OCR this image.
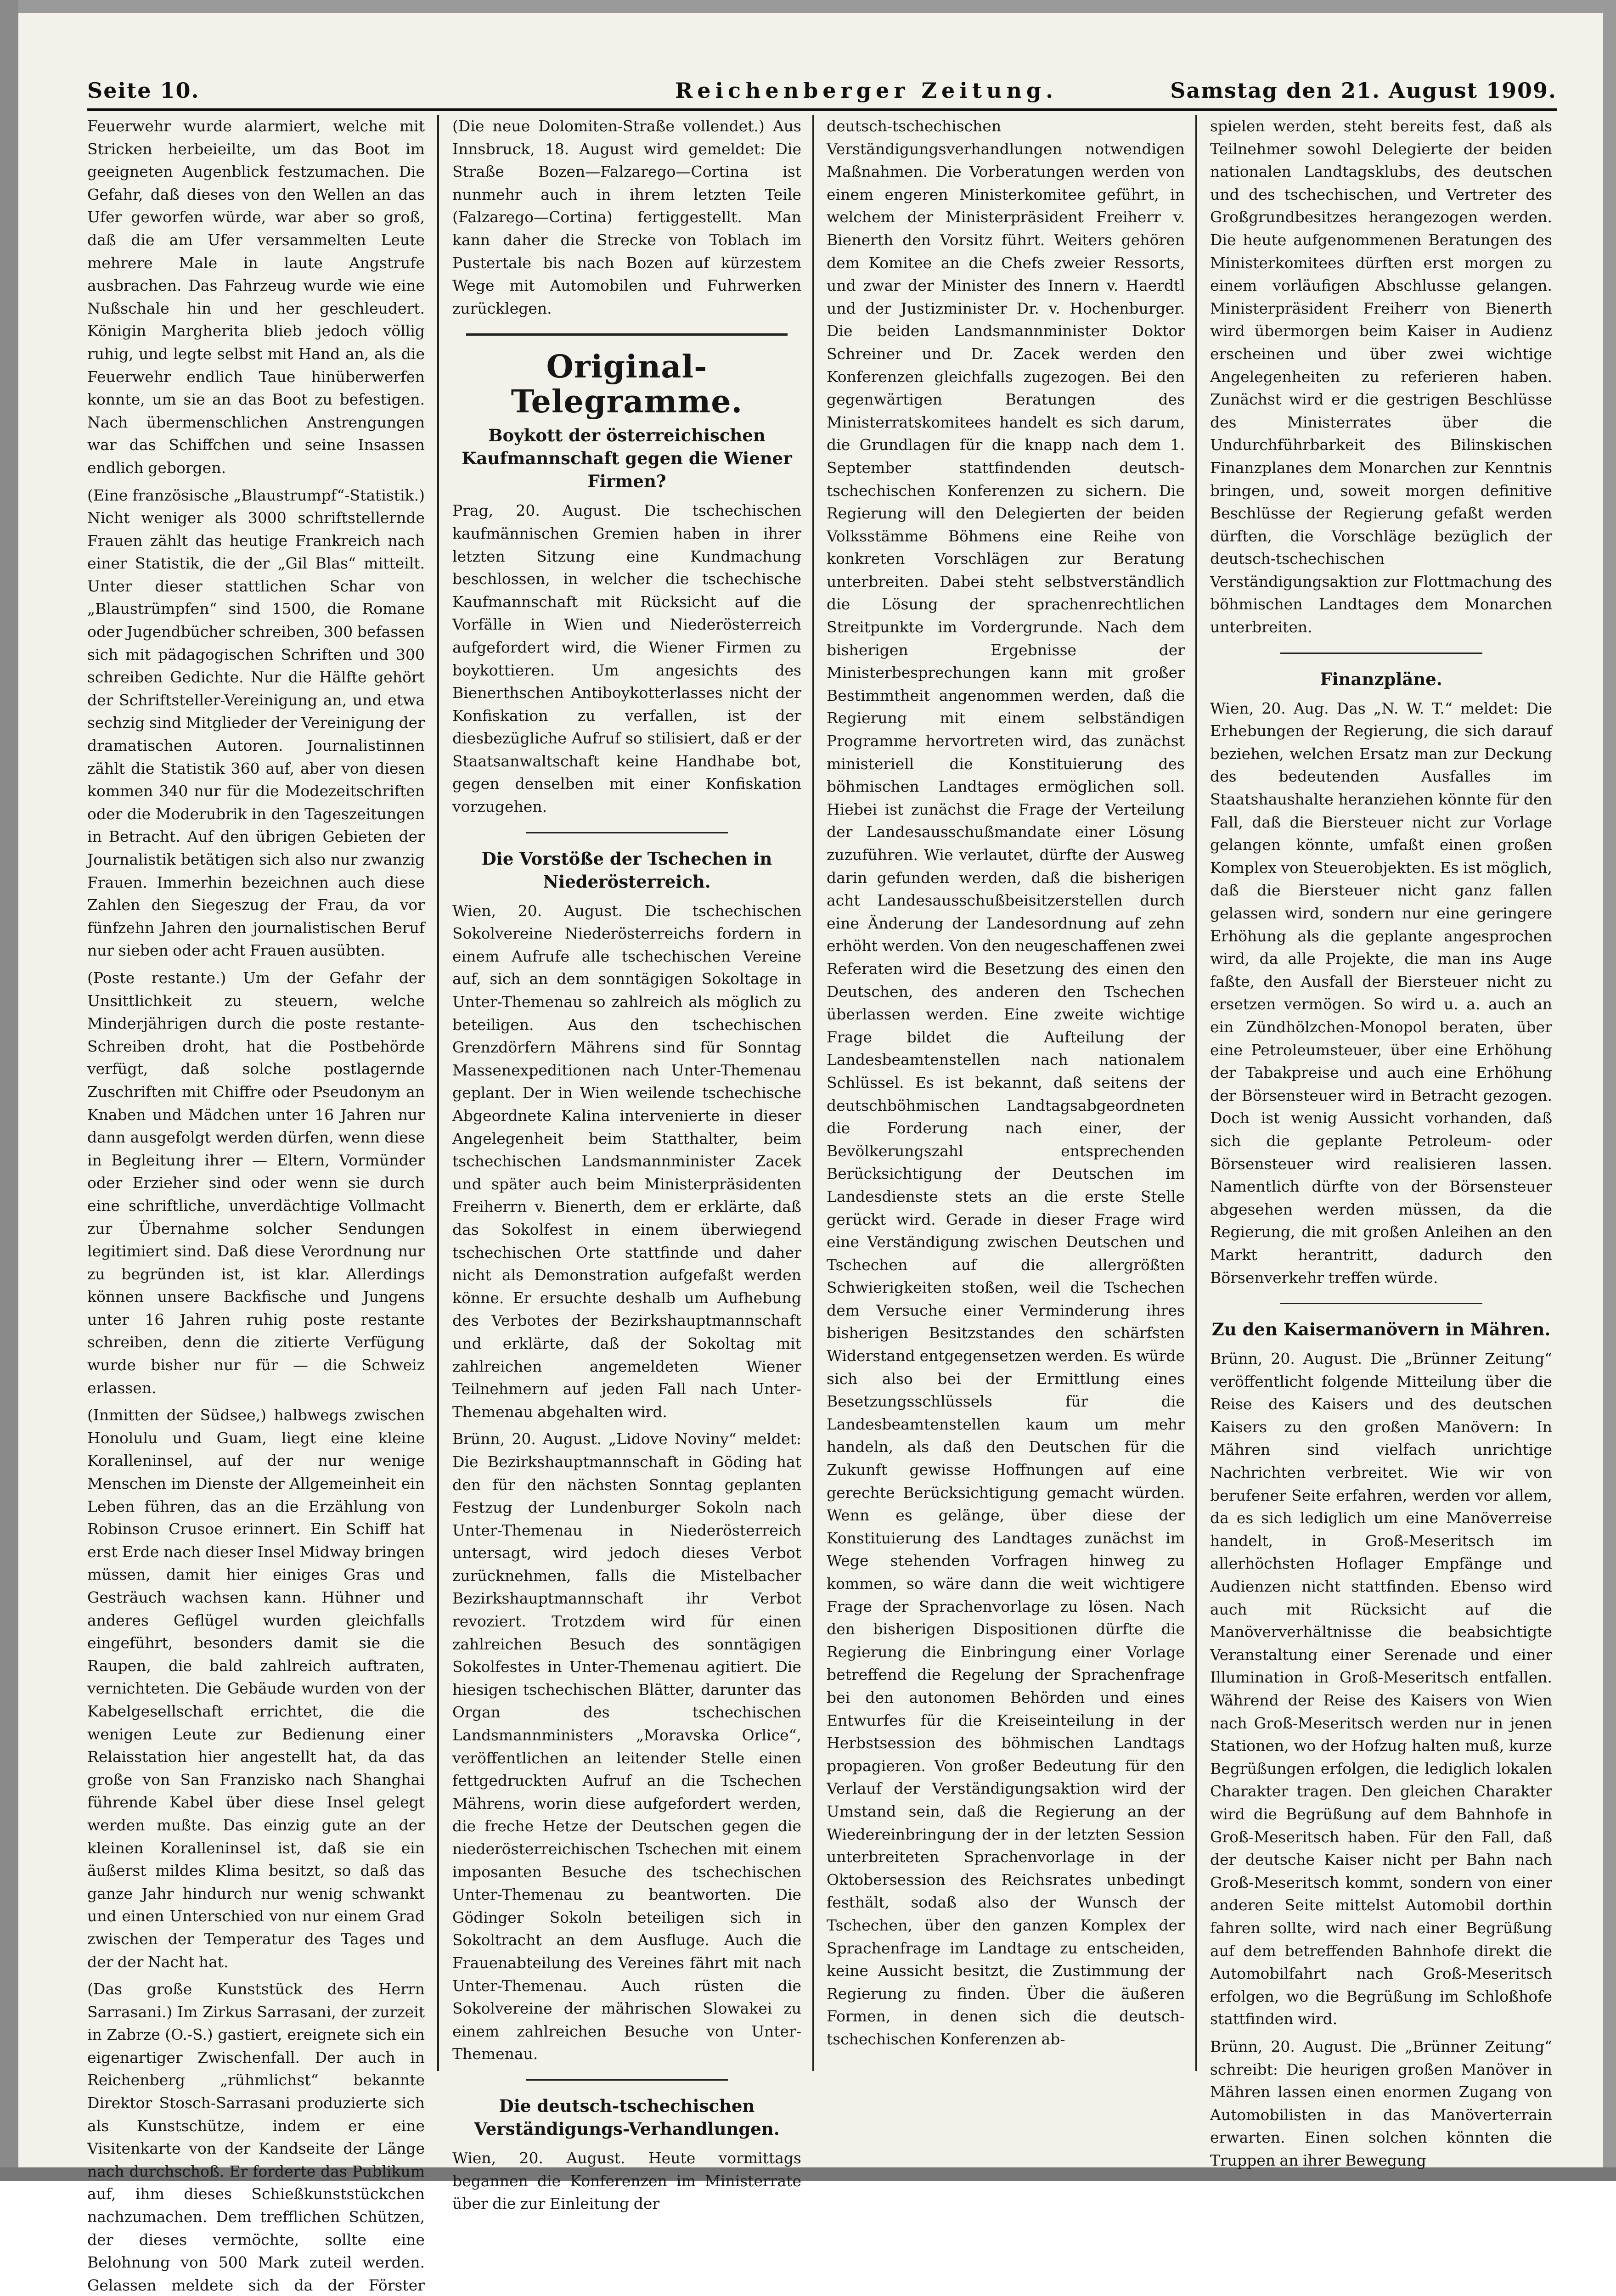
Seite 10.	Reichenberger Zeitung.	Samstag den 21. August 1909.

Feuerwehr wurde alarmiert, welche mit Stricken herbeieilte, um das Boot im geeigneten Augenblick festzumachen. Die Gefahr, daß dieses von den Wellen an das Ufer geworfen würde, war aber so groß, daß die am Ufer versammelten Leute mehrere Male in laute Angstrufe ausbrachen. Das Fahrzeug wurde wie eine Nußschale hin und her geschleudert. Königin Margherita blieb jedoch völlig ruhig, und legte selbst mit Hand an, als die Feuerwehr endlich Taue hinüberwerfen konnte, um sie an das Boot zu befestigen. Nach übermenschlichen Anstrengungen war das Schiffchen und seine Insassen endlich geborgen.

(Eine französische „Blaustrumpf“-Statistik.) Nicht weniger als 3000 schriftstellernde Frauen zählt das heutige Frankreich nach einer Statistik, die der „Gil Blas“ mitteilt. Unter dieser stattlichen Schar von „Blaustrümpfen“ sind 1500, die Romane oder Jugendbücher schreiben, 300 befassen sich mit pädagogischen Schriften und 300 schreiben Gedichte. Nur die Hälfte gehört der Schriftsteller-Vereinigung an, und etwa sechzig sind Mitglieder der Vereinigung der dramatischen Autoren. Journalistinnen zählt die Statistik 360 auf, aber von diesen kommen 340 nur für die Modezeitschriften oder die Moderubrik in den Tageszeitungen in Betracht. Auf den übrigen Gebieten der Journalistik betätigen sich also nur zwanzig Frauen. Immerhin bezeichnen auch diese Zahlen den Siegeszug der Frau, da vor fünfzehn Jahren den journalistischen Beruf nur sieben oder acht Frauen ausübten.

(Poste restante.) Um der Gefahr der Unsittlichkeit zu steuern, welche Minderjährigen durch die poste restante-Schreiben droht, hat die Postbehörde verfügt, daß solche postlagernde Zuschriften mit Chiffre oder Pseudonym an Knaben und Mädchen unter 16 Jahren nur dann ausgefolgt werden dürfen, wenn diese in Begleitung ihrer — Eltern, Vormünder oder Erzieher sind oder wenn sie durch eine schriftliche, unverdächtige Vollmacht zur Übernahme solcher Sendungen legitimiert sind. Daß diese Verordnung nur zu begründen ist, ist klar. Allerdings können unsere Backfische und Jungens unter 16 Jahren ruhig poste restante schreiben, denn die zitierte Verfügung wurde bisher nur für — die Schweiz erlassen.

(Inmitten der Südsee,) halbwegs zwischen Honolulu und Guam, liegt eine kleine Koralleninsel, auf der nur wenige Menschen im Dienste der Allgemeinheit ein Leben führen, das an die Erzählung von Robinson Crusoe erinnert. Ein Schiff hat erst Erde nach dieser Insel Midway bringen müssen, damit hier einiges Gras und Gesträuch wachsen kann. Hühner und anderes Geflügel wurden gleichfalls eingeführt, besonders damit sie die Raupen, die bald zahlreich auftraten, vernichteten. Die Gebäude wurden von der Kabelgesellschaft errichtet, die die wenigen Leute zur Bedienung einer Relaisstation hier angestellt hat, da das große von San Franzisko nach Shanghai führende Kabel über diese Insel gelegt werden mußte. Das einzig gute an der kleinen Koralleninsel ist, daß sie ein äußerst mildes Klima besitzt, so daß das ganze Jahr hindurch nur wenig schwankt und einen Unterschied von nur einem Grad zwischen der Temperatur des Tages und der der Nacht hat.

(Das große Kunststück des Herrn Sarrasani.) Im Zirkus Sarrasani, der zurzeit in Zabrze (O.-S.) gastiert, ereignete sich ein eigenartiger Zwischenfall. Der auch in Reichenberg „rühmlichst“ bekannte Direktor Stosch-Sarrasani produzierte sich als Kunstschütze, indem er eine Visitenkarte von der Kandseite der Länge nach durchschoß. Er forderte das Publikum auf, ihm dieses Schießkunststückchen nachzumachen. Dem trefflichen Schützen, der dieses vermöchte, sollte eine Belohnung von 500 Mark zuteil werden. Gelassen meldete sich da der Förster

(Die neue Dolomiten-Straße vollendet.) Aus Innsbruck, 18. August wird gemeldet: Die Straße Bozen—Falzarego—Cortina ist nunmehr auch in ihrem letzten Teile (Falzarego—Cortina) fertiggestellt. Man kann daher die Strecke von Toblach im Pustertale bis nach Bozen auf kürzestem Wege mit Automobilen und Fuhrwerken zurücklegen.

Original-Telegramme.
Boykott der österreichischen Kaufmannschaft gegen die Wiener Firmen?

Prag, 20. August. Die tschechischen kaufmännischen Gremien haben in ihrer letzten Sitzung eine Kundmachung beschlossen, in welcher die tschechische Kaufmannschaft mit Rücksicht auf die Vorfälle in Wien und Niederösterreich aufgefordert wird, die Wiener Firmen zu boykottieren. Um angesichts des Bienerthschen Antiboykotterlasses nicht der Konfiskation zu verfallen, ist der diesbezügliche Aufruf so stilisiert, daß er der Staatsanwaltschaft keine Handhabe bot, gegen denselben mit einer Konfiskation vorzugehen.

Die Vorstöße der Tschechen in Niederösterreich.

Wien, 20. August. Die tschechischen Sokolvereine Niederösterreichs fordern in einem Aufrufe alle tschechischen Vereine auf, sich an dem sonntägigen Sokoltage in Unter-Themenau so zahlreich als möglich zu beteiligen. Aus den tschechischen Grenzdörfern Mährens sind für Sonntag Massenexpeditionen nach Unter-Themenau geplant. Der in Wien weilende tschechische Abgeordnete Kalina intervenierte in dieser Angelegenheit beim Statthalter, beim tschechischen Landsmannminister Zacek und später auch beim Ministerpräsidenten Freiherrn v. Bienerth, dem er erklärte, daß das Sokolfest in einem überwiegend tschechischen Orte stattfinde und daher nicht als Demonstration aufgefaßt werden könne. Er ersuchte deshalb um Aufhebung des Verbotes der Bezirkshauptmannschaft und erklärte, daß der Sokoltag mit zahlreichen angemeldeten Wiener Teilnehmern auf jeden Fall nach Unter-Themenau abgehalten wird.

Brünn, 20. August. „Lidove Noviny“ meldet: Die Bezirkshauptmannschaft in Göding hat den für den nächsten Sonntag geplanten Festzug der Lundenburger Sokoln nach Unter-Themenau in Niederösterreich untersagt, wird jedoch dieses Verbot zurücknehmen, falls die Mistelbacher Bezirkshauptmannschaft ihr Verbot revoziert. Trotzdem wird für einen zahlreichen Besuch des sonntägigen Sokolfestes in Unter-Themenau agitiert. Die hiesigen tschechischen Blätter, darunter das Organ des tschechischen Landsmannministers „Moravska Orlice“, veröffentlichen an leitender Stelle einen fettgedruckten Aufruf an die Tschechen Mährens, worin diese aufgefordert werden, die freche Hetze der Deutschen gegen die niederösterreichischen Tschechen mit einem imposanten Besuche des tschechischen Unter-Themenau zu beantworten. Die Gödinger Sokoln beteiligen sich in Sokoltracht an dem Ausfluge. Auch die Frauenabteilung des Vereines fährt mit nach Unter-Themenau. Auch rüsten die Sokolvereine der mährischen Slowakei zu einem zahlreichen Besuche von Unter-Themenau.

Die deutsch-tschechischen Verständigungs-Verhandlungen.

Wien, 20. August. Heute vormittags begannen die Konferenzen im Ministerrate über die zur Einleitung der

deutsch-tschechischen Verständigungsverhandlungen notwendigen Maßnahmen. Die Vorberatungen werden von einem engeren Ministerkomitee geführt, in welchem der Ministerpräsident Freiherr v. Bienerth den Vorsitz führt. Weiters gehören dem Komitee an die Chefs zweier Ressorts, und zwar der Minister des Innern v. Haerdtl und der Justizminister Dr. v. Hochenburger. Die beiden Landsmannminister Doktor Schreiner und Dr. Zacek werden den Konferenzen gleichfalls zugezogen. Bei den gegenwärtigen Beratungen des Ministerratskomitees handelt es sich darum, die Grundlagen für die knapp nach dem 1. September stattfindenden deutsch-tschechischen Konferenzen zu sichern. Die Regierung will den Delegierten der beiden Volksstämme Böhmens eine Reihe von konkreten Vorschlägen zur Beratung unterbreiten. Dabei steht selbstverständlich die Lösung der sprachenrechtlichen Streitpunkte im Vordergrunde. Nach dem bisherigen Ergebnisse der Ministerbesprechungen kann mit großer Bestimmtheit angenommen werden, daß die Regierung mit einem selbständigen Programme hervortreten wird, das zunächst ministeriell die Konstituierung des böhmischen Landtages ermöglichen soll. Hiebei ist zunächst die Frage der Verteilung der Landesausschußmandate einer Lösung zuzuführen. Wie verlautet, dürfte der Ausweg darin gefunden werden, daß die bisherigen acht Landesausschußbeisitzerstellen durch eine Änderung der Landesordnung auf zehn erhöht werden. Von den neugeschaffenen zwei Referaten wird die Besetzung des einen den Deutschen, des anderen den Tschechen überlassen werden. Eine zweite wichtige Frage bildet die Aufteilung der Landesbeamtenstellen nach nationalem Schlüssel. Es ist bekannt, daß seitens der deutschböhmischen Landtagsabgeordneten die Forderung nach einer, der Bevölkerungszahl entsprechenden Berücksichtigung der Deutschen im Landesdienste stets an die erste Stelle gerückt wird. Gerade in dieser Frage wird eine Verständigung zwischen Deutschen und Tschechen auf die allergrößten Schwierigkeiten stoßen, weil die Tschechen dem Versuche einer Verminderung ihres bisherigen Besitzstandes den schärfsten Widerstand entgegensetzen werden. Es würde sich also bei der Ermittlung eines Besetzungsschlüssels für die Landesbeamtenstellen kaum um mehr handeln, als daß den Deutschen für die Zukunft gewisse Hoffnungen auf eine gerechte Berücksichtigung gemacht würden. Wenn es gelänge, über diese der Konstituierung des Landtages zunächst im Wege stehenden Vorfragen hinweg zu kommen, so wäre dann die weit wichtigere Frage der Sprachenvorlage zu lösen. Nach den bisherigen Dispositionen dürfte die Regierung die Einbringung einer Vorlage betreffend die Regelung der Sprachenfrage bei den autonomen Behörden und eines Entwurfes für die Kreiseinteilung in der Herbstsession des böhmischen Landtags propagieren. Von großer Bedeutung für den Verlauf der Verständigungsaktion wird der Umstand sein, daß die Regierung an der Wiedereinbringung der in der letzten Session unterbreiteten Sprachenvorlage in der Oktobersession des Reichsrates unbedingt festhält, sodaß also der Wunsch der Tschechen, über den ganzen Komplex der Sprachenfrage im Landtage zu entscheiden, keine Aussicht besitzt, die Zustimmung der Regierung zu finden. Über die äußeren Formen, in denen sich die deutsch-tschechischen Konferenzen ab-

spielen werden, steht bereits fest, daß als Teilnehmer sowohl Delegierte der beiden nationalen Landtagsklubs, des deutschen und des tschechischen, und Vertreter des Großgrundbesitzes herangezogen werden. Die heute aufgenommenen Beratungen des Ministerkomitees dürften erst morgen zu einem vorläufigen Abschlusse gelangen. Ministerpräsident Freiherr von Bienerth wird übermorgen beim Kaiser in Audienz erscheinen und über zwei wichtige Angelegenheiten zu referieren haben. Zunächst wird er die gestrigen Beschlüsse des Ministerrates über die Undurchführbarkeit des Bilinskischen Finanzplanes dem Monarchen zur Kenntnis bringen, und, soweit morgen definitive Beschlüsse der Regierung gefaßt werden dürften, die Vorschläge bezüglich der deutsch-tschechischen Verständigungsaktion zur Flottmachung des böhmischen Landtages dem Monarchen unterbreiten.

Finanzpläne.

Wien, 20. Aug. Das „N. W. T.“ meldet: Die Erhebungen der Regierung, die sich darauf beziehen, welchen Ersatz man zur Deckung des bedeutenden Ausfalles im Staatshaushalte heranziehen könnte für den Fall, daß die Biersteuer nicht zur Vorlage gelangen könnte, umfaßt einen großen Komplex von Steuerobjekten. Es ist möglich, daß die Biersteuer nicht ganz fallen gelassen wird, sondern nur eine geringere Erhöhung als die geplante angesprochen wird, da alle Projekte, die man ins Auge faßte, den Ausfall der Biersteuer nicht zu ersetzen vermögen. So wird u. a. auch an ein Zündhölzchen-Monopol beraten, über eine Petroleumsteuer, über eine Erhöhung der Tabakpreise und auch eine Erhöhung der Börsensteuer wird in Betracht gezogen. Doch ist wenig Aussicht vorhanden, daß sich die geplante Petroleum- oder Börsensteuer wird realisieren lassen. Namentlich dürfte von der Börsensteuer abgesehen werden müssen, da die Regierung, die mit großen Anleihen an den Markt herantritt, dadurch den Börsenverkehr treffen würde.

Zu den Kaisermanövern in Mähren.

Brünn, 20. August. Die „Brünner Zeitung“ veröffentlicht folgende Mitteilung über die Reise des Kaisers und des deutschen Kaisers zu den großen Manövern: In Mähren sind vielfach unrichtige Nachrichten verbreitet. Wie wir von berufener Seite erfahren, werden vor allem, da es sich lediglich um eine Manöverreise handelt, in Groß-Meseritsch im allerhöchsten Hoflager Empfänge und Audienzen nicht stattfinden. Ebenso wird auch mit Rücksicht auf die Manöververhältnisse die beabsichtigte Veranstaltung einer Serenade und einer Illumination in Groß-Meseritsch entfallen. Während der Reise des Kaisers von Wien nach Groß-Meseritsch werden nur in jenen Stationen, wo der Hofzug halten muß, kurze Begrüßungen erfolgen, die lediglich lokalen Charakter tragen. Den gleichen Charakter wird die Begrüßung auf dem Bahnhofe in Groß-Meseritsch haben. Für den Fall, daß der deutsche Kaiser nicht per Bahn nach Groß-Meseritsch kommt, sondern von einer anderen Seite mittelst Automobil dorthin fahren sollte, wird nach einer Begrüßung auf dem betreffenden Bahnhofe direkt die Automobilfahrt nach Groß-Meseritsch erfolgen, wo die Begrüßung im Schloßhofe stattfinden wird.

Brünn, 20. August. Die „Brünner Zeitung“ schreibt: Die heurigen großen Manöver in Mähren lassen einen enormen Zugang von Automobilisten in das Manöverterrain erwarten. Einen solchen könnten die Truppen an ihrer Bewegung
